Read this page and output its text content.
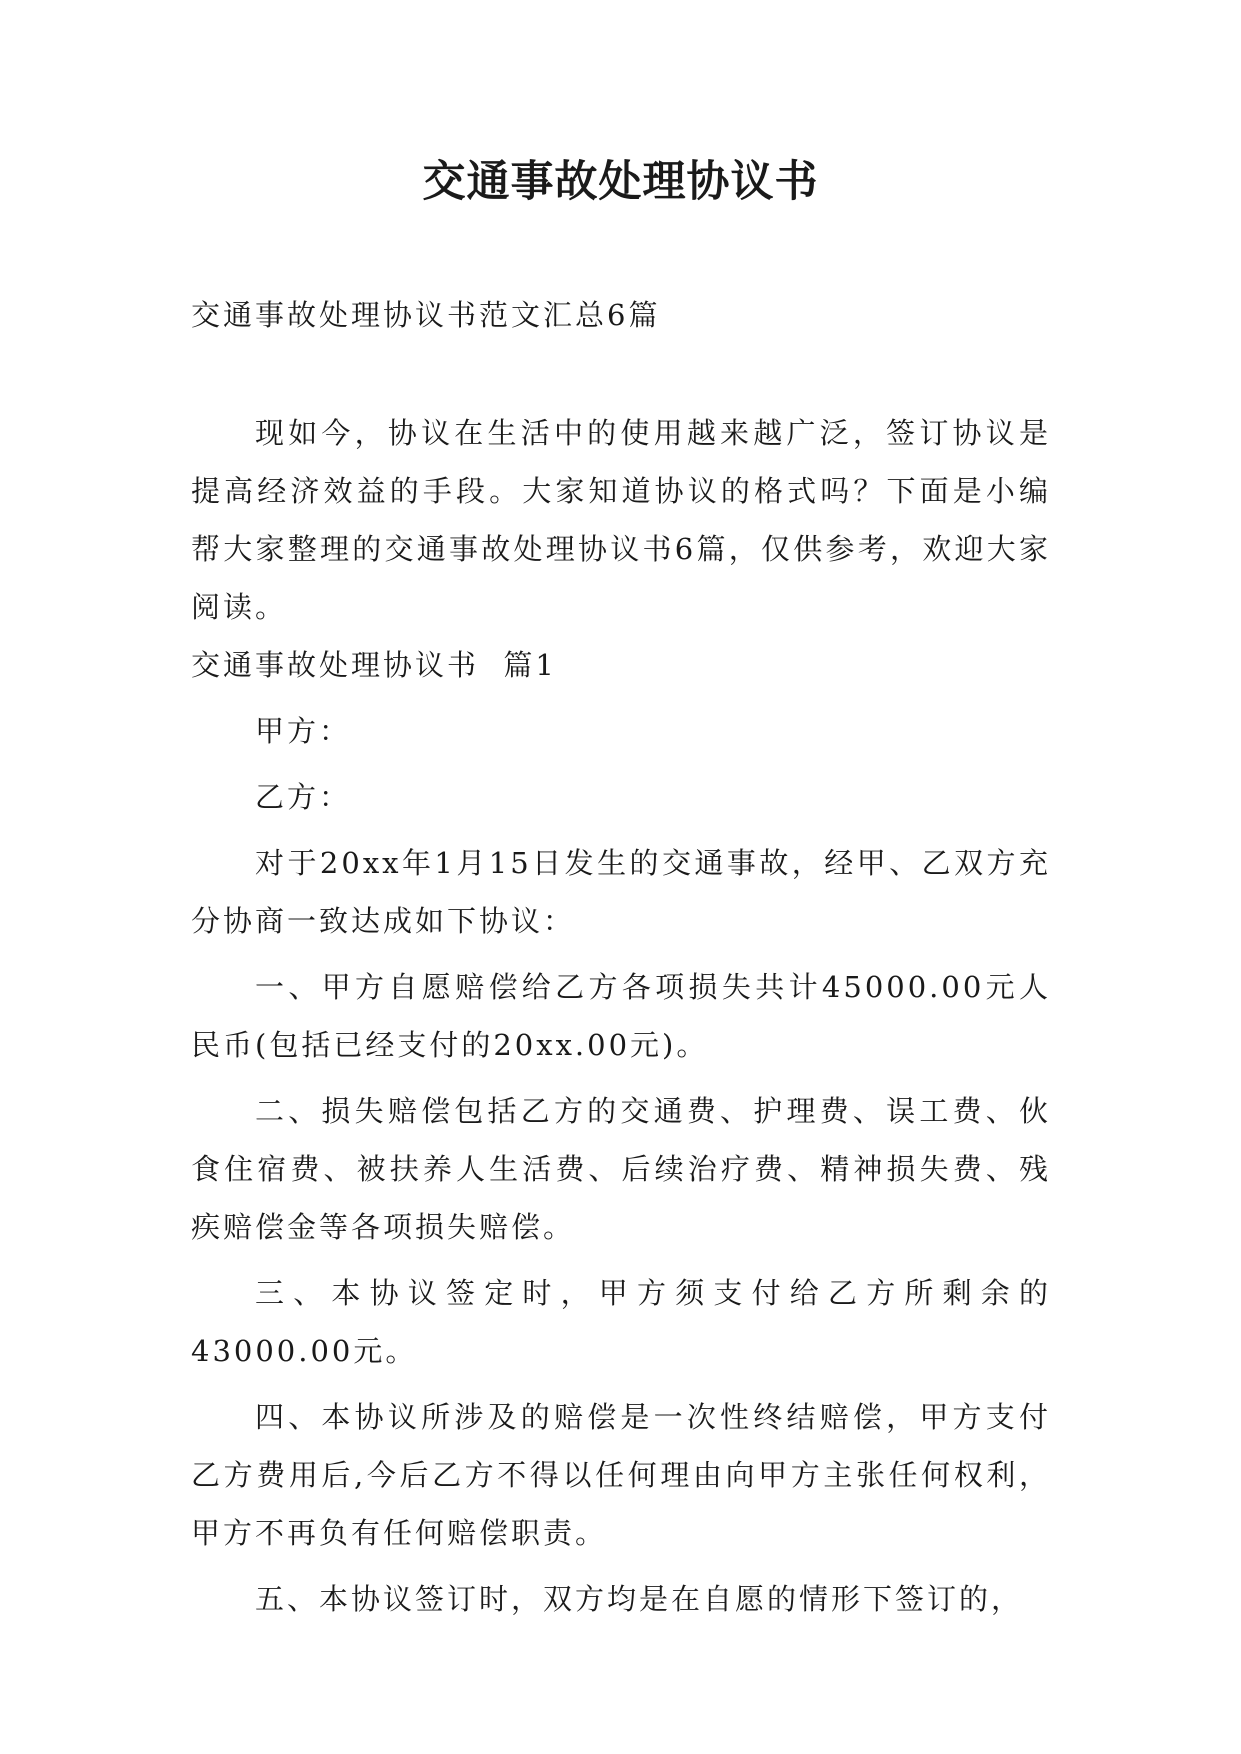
交通事故处理协议书
交通事故处理协议书范文汇总6篇

现如今，协议在生活中的使用越来越广泛，签订协议是提高经济效益的手段。大家知道协议的格式吗？下面是小编帮大家整理的交通事故处理协议书6篇，仅供参考，欢迎大家阅读。

交通事故处理协议书  篇1

甲方：

乙方：

对于20xx年1月15日发生的交通事故，经甲、乙双方充分协商一致达成如下协议：

一、甲方自愿赔偿给乙方各项损失共计45000.00元人民币(包括已经支付的20xx.00元)。

二、损失赔偿包括乙方的交通费、护理费、误工费、伙食住宿费、被扶养人生活费、后续治疗费、精神损失费、残疾赔偿金等各项损失赔偿。

三、本协议签定时，甲方须支付给乙方所剩余的43000.00元。

四、本协议所涉及的赔偿是一次性终结赔偿，甲方支付乙方费用后,今后乙方不得以任何理由向甲方主张任何权利，甲方不再负有任何赔偿职责。

五、本协议签订时，双方均是在自愿的情形下签订的，
